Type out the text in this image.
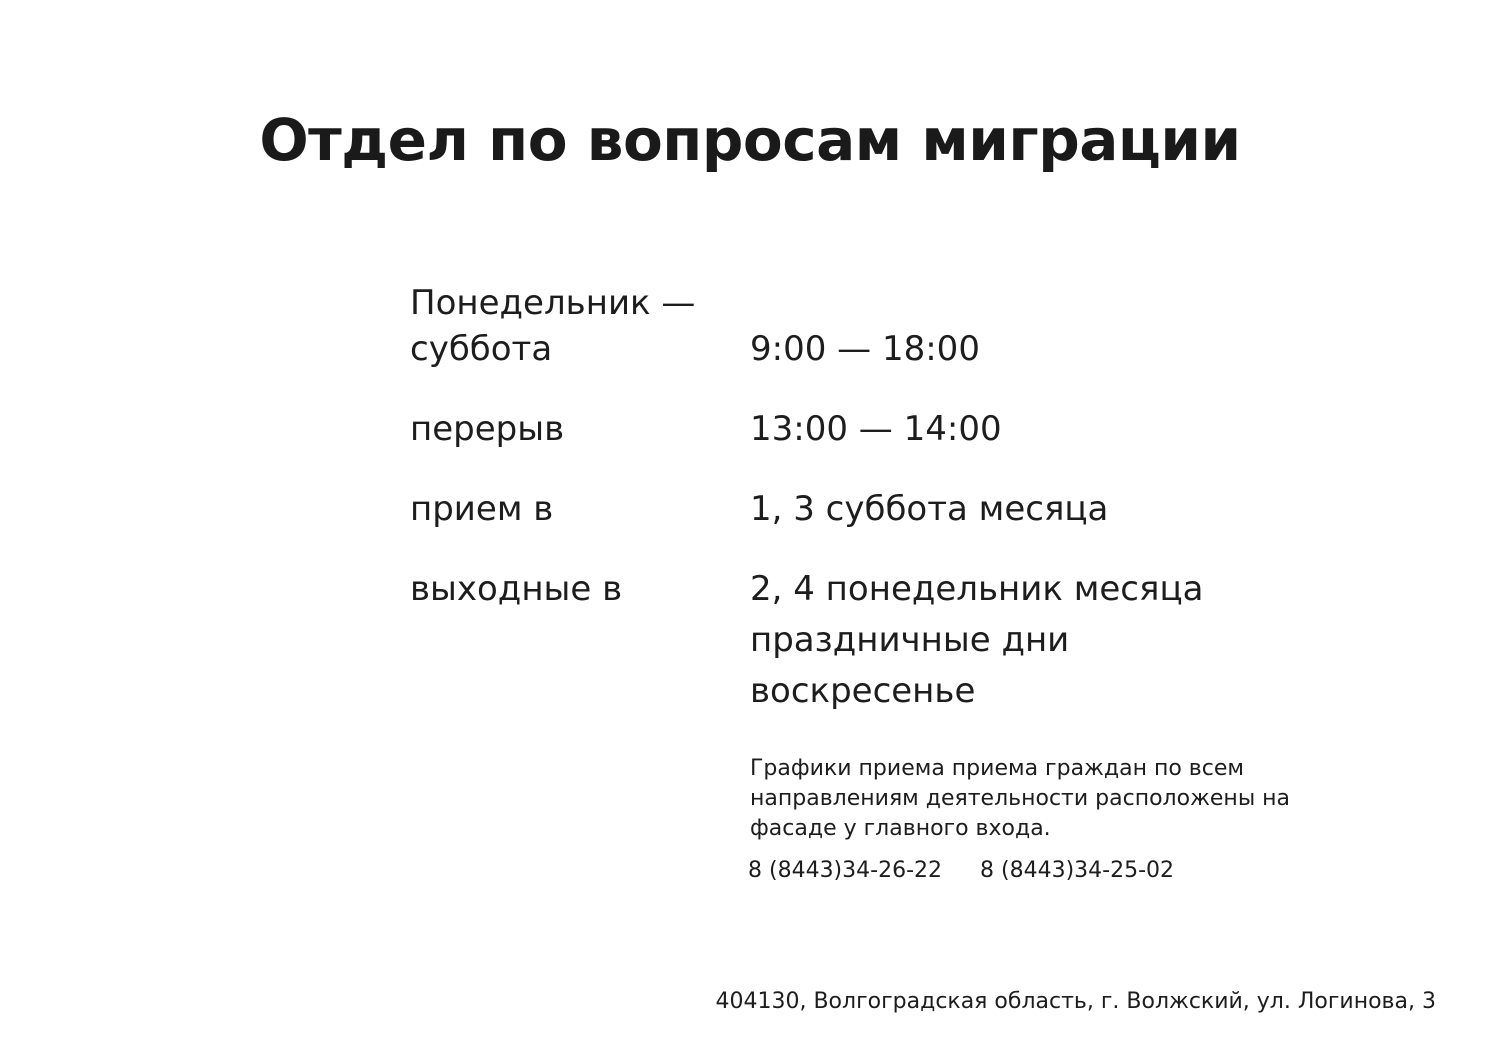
Отдел по вопросам миграции
Понедельник —
суббота	9:00 — 18:00
перерыв	13:00 — 14:00
прием в	1, 3 суббота месяца
выходные в	2, 4 понедельник месяца
праздничные дни
воскресенье
Графики приема приема граждан по всем направлениям деятельности расположены на фасаде у главного входа.
8 (8443)34-26-22 8 (8443)34-25-02
404130, Волгоградская область, г. Волжский, ул. Логинова, 3
